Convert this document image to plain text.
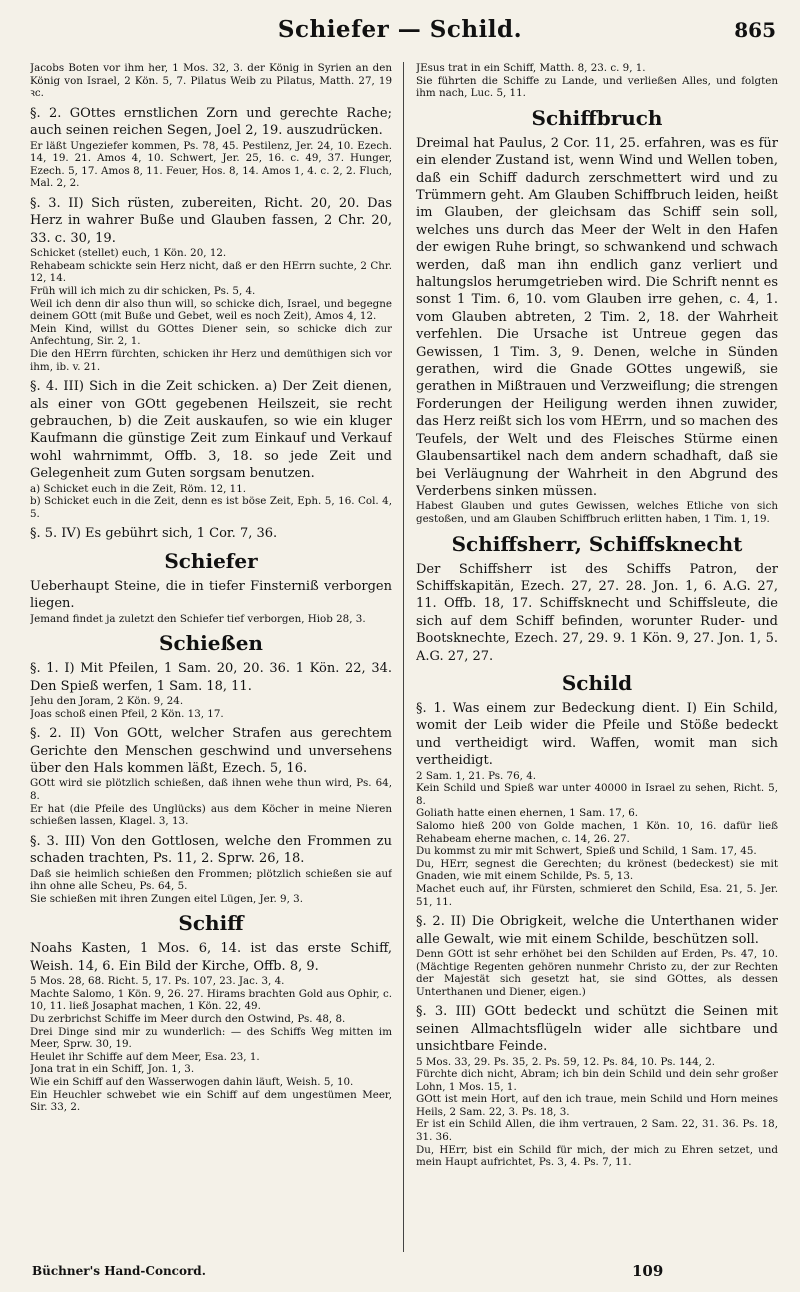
Schiefer — Schild.	865

Jacobs Boten vor ihm her, 1 Mos. 32, 3. der König in Syrien an den König von Israel, 2 Kön. 5, 7. Pilatus Weib zu Pilatus, Matth. 27, 19 ꝛc.

§. 2. GOttes ernstlichen Zorn und gerechte Rache; auch seinen reichen Segen, Joel 2, 19. auszudrücken.

Er läßt Ungeziefer kommen, Ps. 78, 45. Pestilenz, Jer. 24, 10. Ezech. 14, 19. 21. Amos 4, 10. Schwert, Jer. 25, 16. c. 49, 37. Hunger, Ezech. 5, 17. Amos 8, 11. Feuer, Hos. 8, 14. Amos 1, 4. c. 2, 2. Fluch, Mal. 2, 2.

§. 3. II) Sich rüsten, zubereiten, Richt. 20, 20. Das Herz in wahrer Buße und Glauben fassen, 2 Chr. 20, 33. c. 30, 19.

Schicket (stellet) euch, 1 Kön. 20, 12.

Rehabeam schickte sein Herz nicht, daß er den HErrn suchte, 2 Chr. 12, 14.

Früh will ich mich zu dir schicken, Ps. 5, 4.

Weil ich denn dir also thun will, so schicke dich, Israel, und begegne deinem GOtt (mit Buße und Gebet, weil es noch Zeit), Amos 4, 12.

Mein Kind, willst du GOttes Diener sein, so schicke dich zur Anfechtung, Sir. 2, 1.

Die den HErrn fürchten, schicken ihr Herz und demüthigen sich vor ihm, ib. v. 21.

§. 4. III) Sich in die Zeit schicken. a) Der Zeit dienen, als einer von GOtt gegebenen Heilszeit, sie recht gebrauchen, b) die Zeit auskaufen, so wie ein kluger Kaufmann die günstige Zeit zum Einkauf und Verkauf wohl wahrnimmt, Offb. 3, 18. so jede Zeit und Gelegenheit zum Guten sorgsam benutzen.

a) Schicket euch in die Zeit, Röm. 12, 11.

b) Schicket euch in die Zeit, denn es ist böse Zeit, Eph. 5, 16. Col. 4, 5.

§. 5. IV) Es gebührt sich, 1 Cor. 7, 36.

Schiefer

Ueberhaupt Steine, die in tiefer Finsterniß verborgen liegen.

Jemand findet ja zuletzt den Schiefer tief verborgen, Hiob 28, 3.

Schießen

§. 1. I) Mit Pfeilen, 1 Sam. 20, 20. 36. 1 Kön. 22, 34. Den Spieß werfen, 1 Sam. 18, 11.

Jehu den Joram, 2 Kön. 9, 24.

Joas schoß einen Pfeil, 2 Kön. 13, 17.

§. 2. II) Von GOtt, welcher Strafen aus gerechtem Gerichte den Menschen geschwind und unversehens über den Hals kommen läßt, Ezech. 5, 16.

GOtt wird sie plötzlich schießen, daß ihnen wehe thun wird, Ps. 64, 8.

Er hat (die Pfeile des Unglücks) aus dem Köcher in meine Nieren schießen lassen, Klagel. 3, 13.

§. 3. III) Von den Gottlosen, welche den Frommen zu schaden trachten, Ps. 11, 2. Sprw. 26, 18.

Daß sie heimlich schießen den Frommen; plötzlich schießen sie auf ihn ohne alle Scheu, Ps. 64, 5.

Sie schießen mit ihren Zungen eitel Lügen, Jer. 9, 3.

Schiff

Noahs Kasten, 1 Mos. 6, 14. ist das erste Schiff, Weish. 14, 6. Ein Bild der Kirche, Offb. 8, 9.

5 Mos. 28, 68. Richt. 5, 17. Ps. 107, 23. Jac. 3, 4.

Machte Salomo, 1 Kön. 9, 26. 27. Hirams brachten Gold aus Ophir, c. 10, 11. ließ Josaphat machen, 1 Kön. 22, 49.

Du zerbrichst Schiffe im Meer durch den Ostwind, Ps. 48, 8.

Drei Dinge sind mir zu wunderlich: — des Schiffs Weg mitten im Meer, Sprw. 30, 19.

Heulet ihr Schiffe auf dem Meer, Esa. 23, 1.

Jona trat in ein Schiff, Jon. 1, 3.

Wie ein Schiff auf den Wasserwogen dahin läuft, Weish. 5, 10.

Ein Heuchler schwebet wie ein Schiff auf dem ungestümen Meer, Sir. 33, 2.

JEsus trat in ein Schiff, Matth. 8, 23. c. 9, 1.

Sie führten die Schiffe zu Lande, und verließen Alles, und folgten ihm nach, Luc. 5, 11.

Schiffbruch

Dreimal hat Paulus, 2 Cor. 11, 25. erfahren, was es für ein elender Zustand ist, wenn Wind und Wellen toben, daß ein Schiff dadurch zerschmettert wird und zu Trümmern geht. Am Glauben Schiffbruch leiden, heißt im Glauben, der gleichsam das Schiff sein soll, welches uns durch das Meer der Welt in den Hafen der ewigen Ruhe bringt, so schwankend und schwach werden, daß man ihn endlich ganz verliert und haltungslos herumgetrieben wird. Die Schrift nennt es sonst 1 Tim. 6, 10. vom Glauben irre gehen, c. 4, 1. vom Glauben abtreten, 2 Tim. 2, 18. der Wahrheit verfehlen. Die Ursache ist Untreue gegen das Gewissen, 1 Tim. 3, 9. Denen, welche in Sünden gerathen, wird die Gnade GOttes ungewiß, sie gerathen in Mißtrauen und Verzweiflung; die strengen Forderungen der Heiligung werden ihnen zuwider, das Herz reißt sich los vom HErrn, und so machen des Teufels, der Welt und des Fleisches Stürme einen Glaubensartikel nach dem andern schadhaft, daß sie bei Verläugnung der Wahrheit in den Abgrund des Verderbens sinken müssen.

Habest Glauben und gutes Gewissen, welches Etliche von sich gestoßen, und am Glauben Schiffbruch erlitten haben, 1 Tim. 1, 19.

Schiffsherr, Schiffsknecht

Der Schiffsherr ist des Schiffs Patron, der Schiffskapitän, Ezech. 27, 27. 28. Jon. 1, 6. A.G. 27, 11. Offb. 18, 17. Schiffsknecht und Schiffsleute, die sich auf dem Schiff befinden, worunter Ruder- und Bootsknechte, Ezech. 27, 29. 9. 1 Kön. 9, 27. Jon. 1, 5. A.G. 27, 27.

Schild

§. 1. Was einem zur Bedeckung dient. I) Ein Schild, womit der Leib wider die Pfeile und Stöße bedeckt und vertheidigt wird. Waffen, womit man sich vertheidigt.

2 Sam. 1, 21. Ps. 76, 4.

Kein Schild und Spieß war unter 40000 in Israel zu sehen, Richt. 5, 8.

Goliath hatte einen ehernen, 1 Sam. 17, 6.

Salomo hieß 200 von Golde machen, 1 Kön. 10, 16. dafür ließ Rehabeam eherne machen, c. 14, 26. 27.

Du kommst zu mir mit Schwert, Spieß und Schild, 1 Sam. 17, 45.

Du, HErr, segnest die Gerechten; du krönest (bedeckest) sie mit Gnaden, wie mit einem Schilde, Ps. 5, 13.

Machet euch auf, ihr Fürsten, schmieret den Schild, Esa. 21, 5. Jer. 51, 11.

§. 2. II) Die Obrigkeit, welche die Unterthanen wider alle Gewalt, wie mit einem Schilde, beschützen soll.

Denn GOtt ist sehr erhöhet bei den Schilden auf Erden, Ps. 47, 10. (Mächtige Regenten gehören nunmehr Christo zu, der zur Rechten der Majestät sich gesetzt hat, sie sind GOttes, als dessen Unterthanen und Diener, eigen.)

§. 3. III) GOtt bedeckt und schützt die Seinen mit seinen Allmachtsflügeln wider alle sichtbare und unsichtbare Feinde.

5 Mos. 33, 29. Ps. 35, 2. Ps. 59, 12. Ps. 84, 10. Ps. 144, 2.

Fürchte dich nicht, Abram; ich bin dein Schild und dein sehr großer Lohn, 1 Mos. 15, 1.

GOtt ist mein Hort, auf den ich traue, mein Schild und Horn meines Heils, 2 Sam. 22, 3. Ps. 18, 3.

Er ist ein Schild Allen, die ihm vertrauen, 2 Sam. 22, 31. 36. Ps. 18, 31. 36.

Du, HErr, bist ein Schild für mich, der mich zu Ehren setzet, und mein Haupt aufrichtet, Ps. 3, 4. Ps. 7, 11.

Büchner's Hand-Concord.	109
